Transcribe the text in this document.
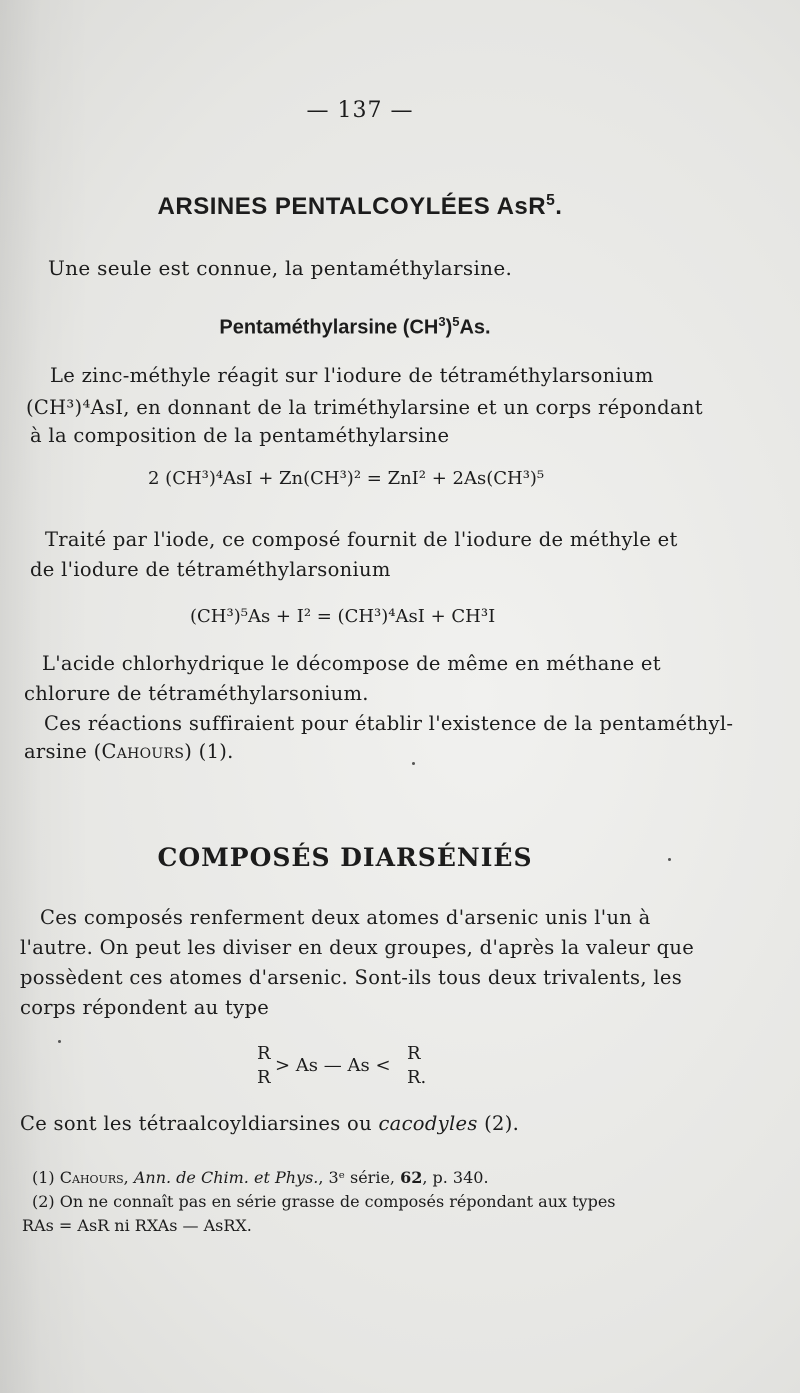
— 137 —

ARSINES PENTALCOYLÉES AsR$^5$.

Une seule est connue, la pentaméthylarsine.

Pentaméthylarsine $(CH^3)^5As$.

Le zinc-méthyle réagit sur l'iodure de tétraméthylarsonium

(CH³)⁴AsI, en donnant de la triméthylarsine et un corps répondant

à la composition de la pentaméthylarsine

2 (CH³)⁴AsI + Zn(CH³)² = ZnI² + 2As(CH³)⁵

Traité par l'iode, ce composé fournit de l'iodure de méthyle et

de l'iodure de tétraméthylarsonium

(CH³)⁵As + I² = (CH³)⁴AsI + CH³I

L'acide chlorhydrique le décompose de même en méthane et

chlorure de tétraméthylarsonium.

Ces réactions suffiraient pour établir l'existence de la pentaméthyl-

arsine (Cahours) (1).

COMPOSÉS DIARSÉNIÉS

Ces composés renferment deux atomes d'arsenic unis l'un à

l'autre. On peut les diviser en deux groupes, d'après la valeur que

possèdent ces atomes d'arsenic. Sont-ils tous deux trivalents, les

corps répondent au type

R
R
> As — As <
R
R.

Ce sont les tétraalcoyldiarsines ou cacodyles (2).

(1) Cahours, Ann. de Chim. et Phys., 3ᵉ série, 62, p. 340.

(2) On ne connaît pas en série grasse de composés répondant aux types

RAs = AsR ni RXAs — AsRX.
